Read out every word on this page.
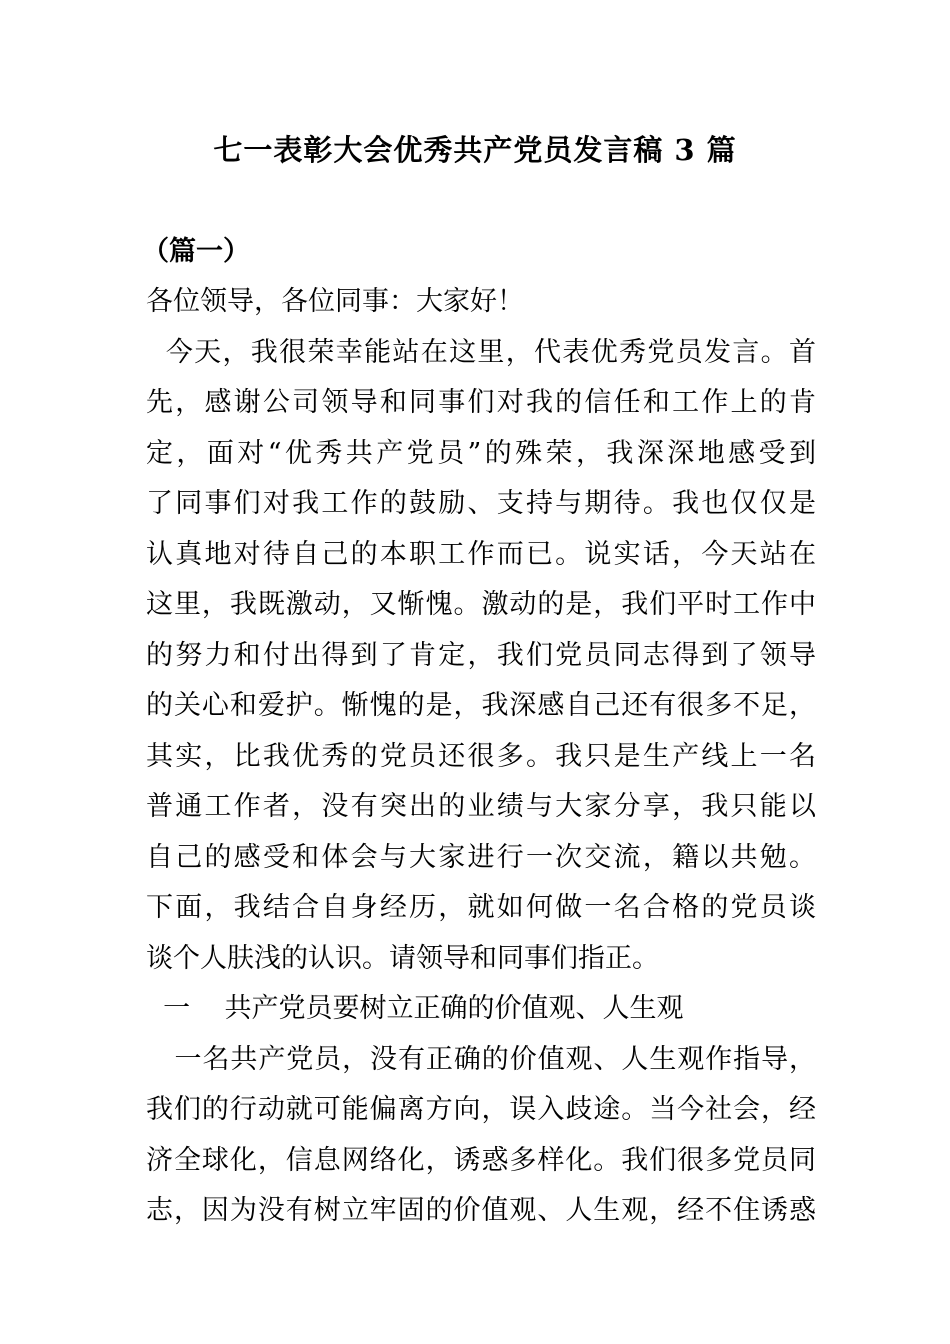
七一表彰大会优秀共产党员发言稿 3 篇
（篇一）

各位领导，各位同事：大家好！

今天，我很荣幸能站在这里，代表优秀党员发言。首

先，感谢公司领导和同事们对我的信任和工作上的肯

定，面对“优秀共产党员”的殊荣，我深深地感受到

了同事们对我工作的鼓励、支持与期待。我也仅仅是

认真地对待自己的本职工作而已。说实话，今天站在

这里，我既激动，又惭愧。激动的是，我们平时工作中

的努力和付出得到了肯定，我们党员同志得到了领导

的关心和爱护。惭愧的是，我深感自己还有很多不足，

其实，比我优秀的党员还很多。我只是生产线上一名

普通工作者，没有突出的业绩与大家分享，我只能以

自己的感受和体会与大家进行一次交流，籍以共勉。

下面，我结合自身经历，就如何做一名合格的党员谈

谈个人肤浅的认识。请领导和同事们指正。

一    共产党员要树立正确的价值观、人生观

一名共产党员，没有正确的价值观、人生观作指导，

我们的行动就可能偏离方向，误入歧途。当今社会，经

济全球化，信息网络化，诱惑多样化。我们很多党员同

志，因为没有树立牢固的价值观、人生观，经不住诱惑
